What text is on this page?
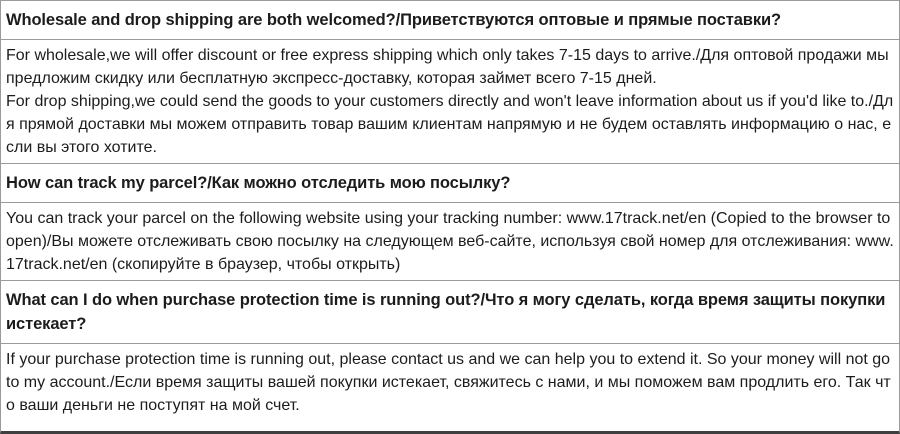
Wholesale and drop shipping are both welcomed?/Приветствуются оптовые и прямые поставки?

For wholesale,we will offer discount or free express shipping which only takes 7-15 days to arrive./Для оптовой продажи мы предложим скидку или бесплатную экспресс-доставку, которая займет всего 7-15 дней.

For drop shipping,we could send the goods to your customers directly and won't leave information about us if you'd like to./Для прямой доставки мы можем отправить товар вашим клиентам напрямую и не будем оставлять информацию о нас, если вы этого хотите.

How can track my parcel?/Как можно отследить мою посылку?

You can track your parcel on the following website using your tracking number: www.17track.net/en (Copied to the browser to open)/Вы можете отслеживать свою посылку на следующем веб-сайте, используя свой номер для отслеживания: www.17track.net/en (скопируйте в браузер, чтобы открыть)

What can I do when purchase protection time is running out?/Что я могу сделать, когда время защиты покупки истекает?

If your purchase protection time is running out, please contact us and we can help you to extend it. So your money will not go to my account./Если время защиты вашей покупки истекает, свяжитесь с нами, и мы поможем вам продлить его. Так что ваши деньги не поступят на мой счет.
